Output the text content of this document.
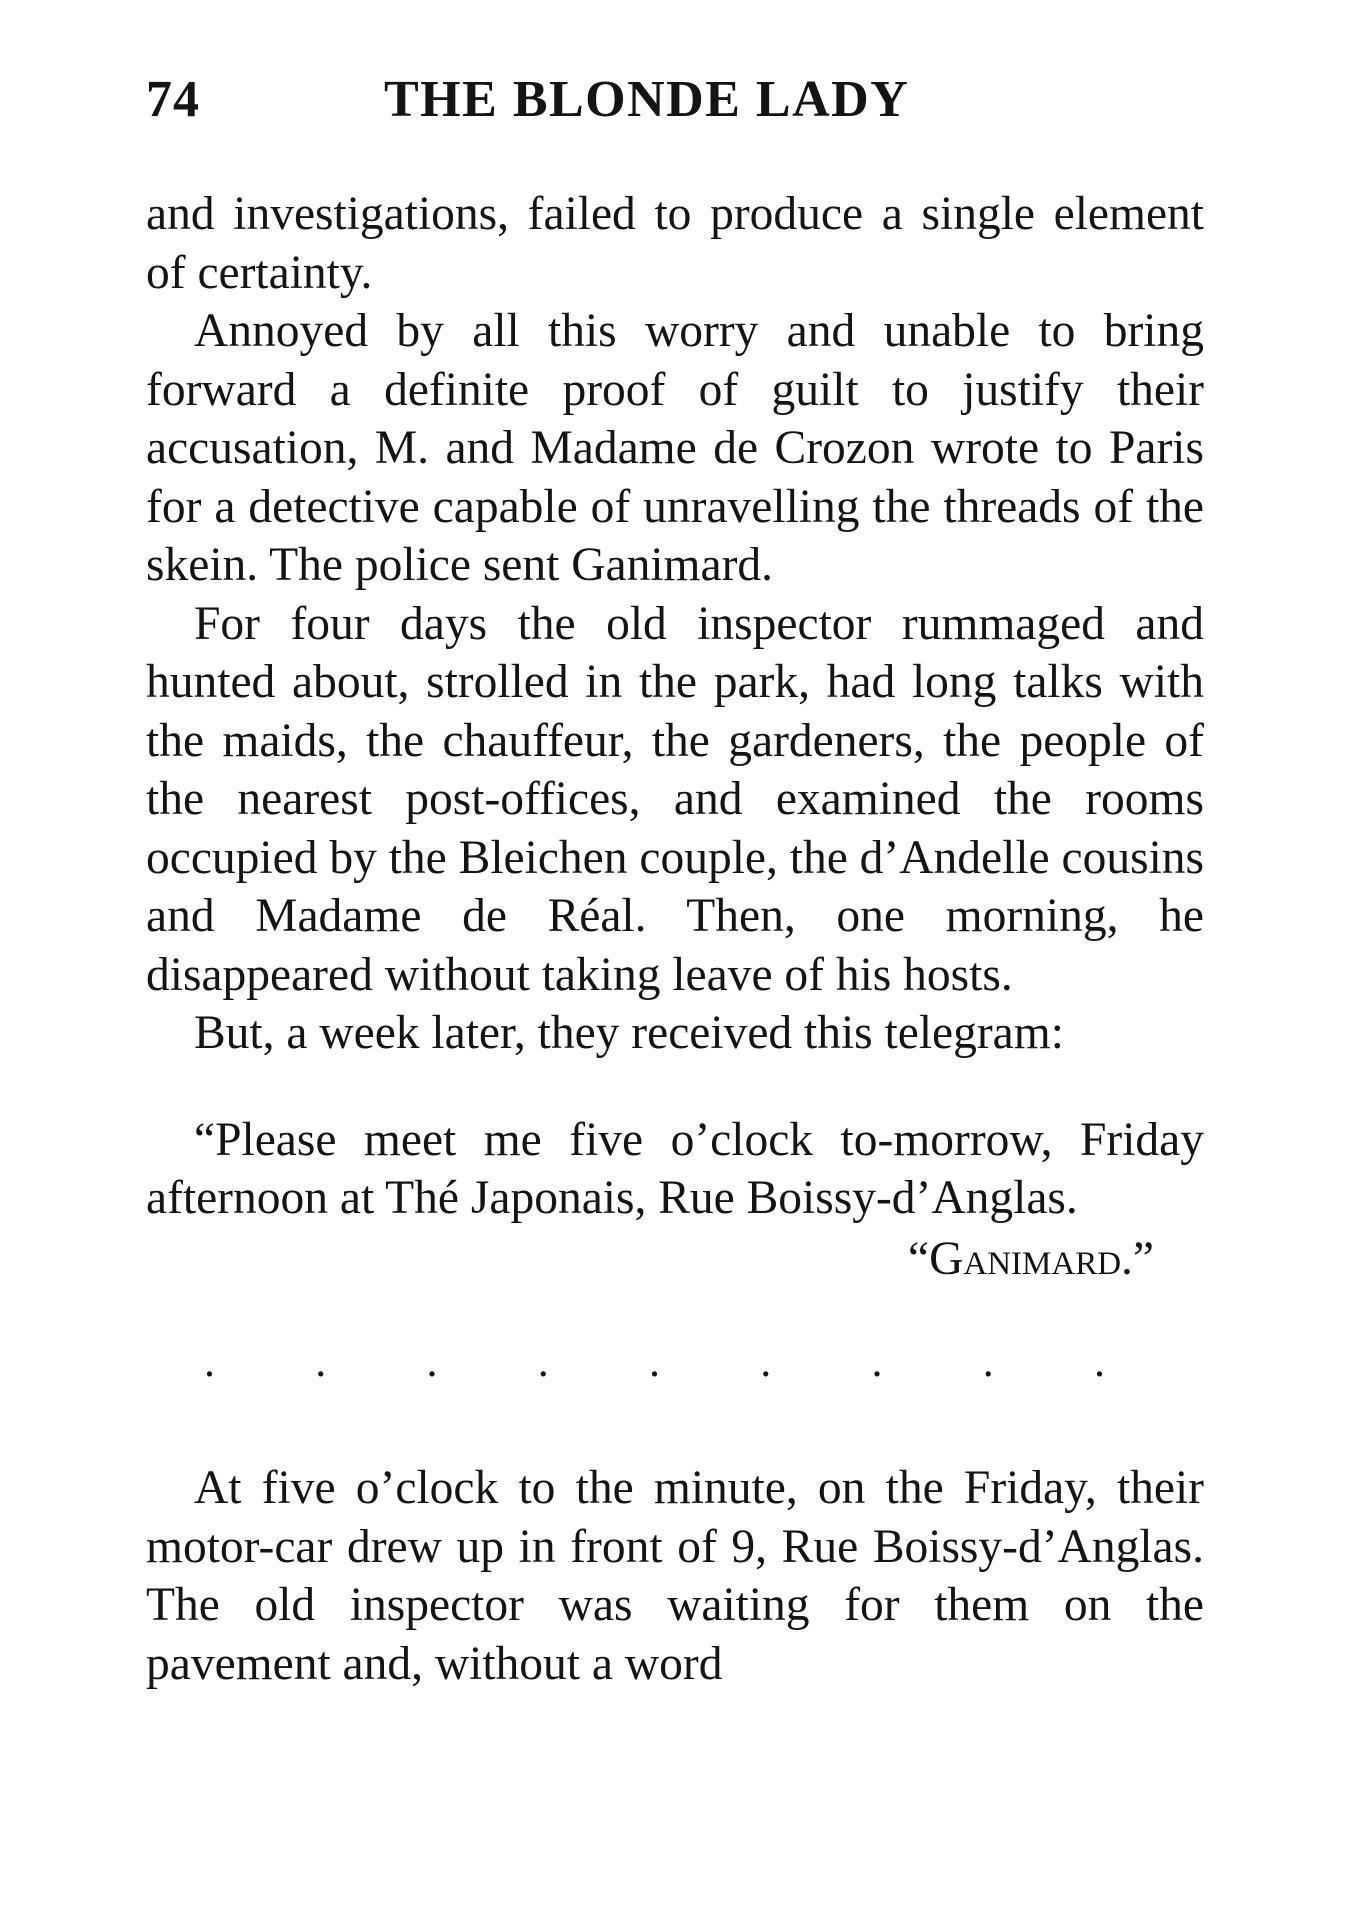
74	THE BLONDE LADY

and investigations, failed to produce a single element of certainty.

Annoyed by all this worry and unable to bring forward a definite proof of guilt to justify their accusation, M. and Madame de Crozon wrote to Paris for a detective capable of unravelling the threads of the skein. The police sent Ganimard.

For four days the old inspector rummaged and hunted about, strolled in the park, had long talks with the maids, the chauffeur, the gardeners, the people of the nearest post-offices, and examined the rooms occupied by the Bleichen couple, the d’Andelle cousins and Madame de Réal. Then, one morning, he disappeared without taking leave of his hosts.

But, a week later, they received this telegram:

“Please meet me five o’clock to-morrow, Friday afternoon at Thé Japonais, Rue Boissy-d’Anglas.

“Ganimard.”

. . . . . . . . .

At five o’clock to the minute, on the Friday, their motor-car drew up in front of 9, Rue Boissy-d’Anglas. The old inspector was waiting for them on the pavement and, without a word
